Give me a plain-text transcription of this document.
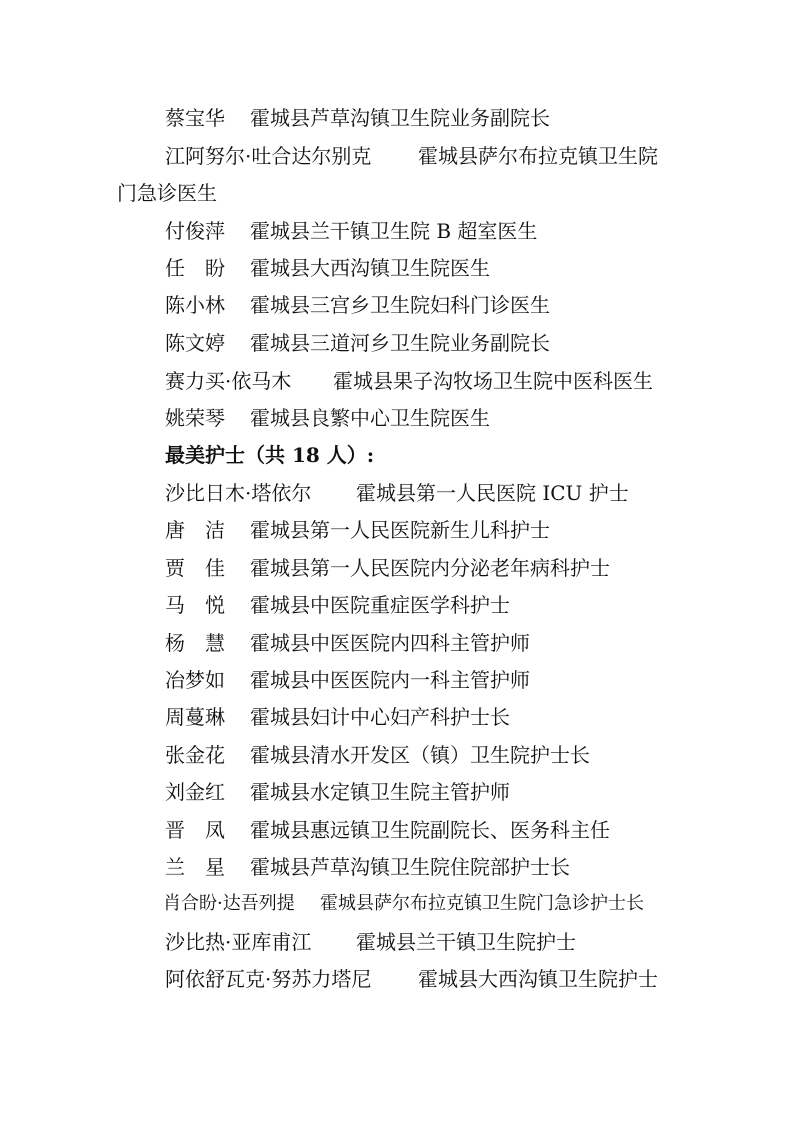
蔡宝华 霍城县芦草沟镇卫生院业务副院长
江阿努尔·吐合达尔别克 霍城县萨尔布拉克镇卫生院
门急诊医生
付俊萍 霍城县兰干镇卫生院 B 超室医生
任　盼 霍城县大西沟镇卫生院医生
陈小林 霍城县三宫乡卫生院妇科门诊医生
陈文婷 霍城县三道河乡卫生院业务副院长
赛力买·依马木 霍城县果子沟牧场卫生院中医科医生
姚荣琴 霍城县良繁中心卫生院医生
最美护士（共 18 人）:
沙比日木·塔依尔 霍城县第一人民医院 ICU 护士
唐　洁 霍城县第一人民医院新生儿科护士
贾　佳 霍城县第一人民医院内分泌老年病科护士
马　悦 霍城县中医院重症医学科护士
杨　慧 霍城县中医医院内四科主管护师
冶梦如 霍城县中医医院内一科主管护师
周蔓琳 霍城县妇计中心妇产科护士长
张金花 霍城县清水开发区（镇）卫生院护士长
刘金红 霍城县水定镇卫生院主管护师
晋　凤 霍城县惠远镇卫生院副院长、医务科主任
兰　星 霍城县芦草沟镇卫生院住院部护士长
肖合盼·达吾列提 霍城县萨尔布拉克镇卫生院门急诊护士长
沙比热·亚库甫江 霍城县兰干镇卫生院护士
阿依舒瓦克·努苏力塔尼 霍城县大西沟镇卫生院护士
